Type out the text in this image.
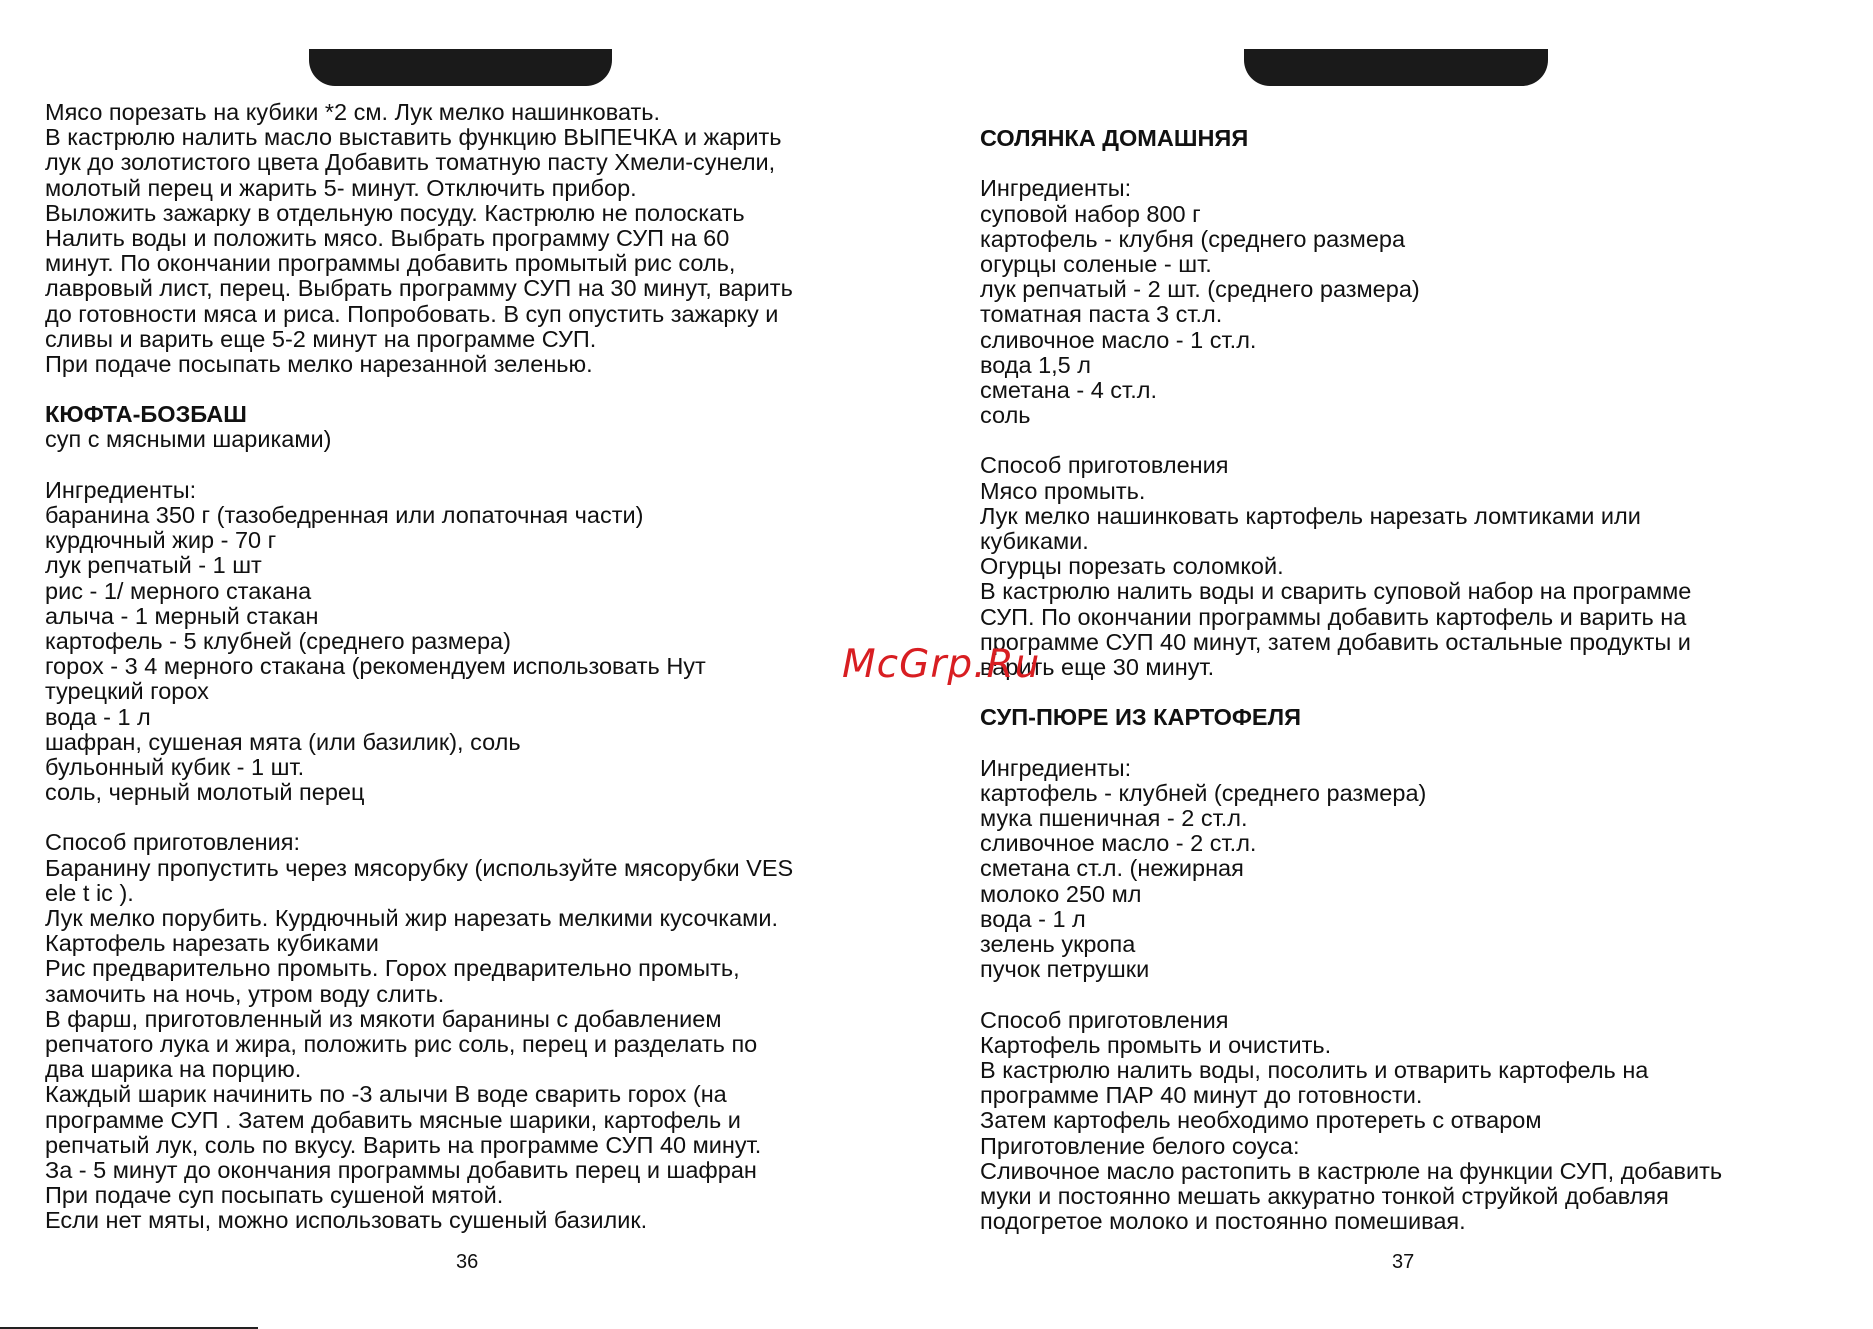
Мясо порезать на кубики *2 см. Лук мелко нашинковать.
В кастрюлю налить масло выставить функцию ВЫПЕЧКА и жарить
лук до золотистого цвета Добавить томатную пасту Хмели-сунели,
молотый перец и жарить 5- минут. Отключить прибор.
Выложить зажарку в отдельную посуду. Кастрюлю не полоскать
Налить воды и положить мясо. Выбрать программу СУП на 60
минут. По окончании программы добавить промытый рис соль,
лавровый лист, перец. Выбрать программу СУП на 30 минут, варить
до готовности мяса и риса. Попробовать. В суп опустить зажарку и
сливы и варить еще 5-2 минут на программе СУП.
При подаче посыпать мелко нарезанной зеленью.
КЮФТА-БОЗБАШ
суп с мясными шариками)
Ингредиенты:
баранина 350 г (тазобедренная или лопаточная части)
курдючный жир - 70 г
лук репчатый - 1 шт
рис - 1/ мерного стакана
алыча - 1 мерный стакан
картофель - 5 клубней (среднего размера)
горох - 3 4 мерного стакана (рекомендуем использовать Нут
турецкий горох
вода - 1 л
шафран, сушеная мята (или базилик), соль
бульонный кубик - 1 шт.
соль, черный молотый перец
Способ приготовления:
Баранину пропустить через мясорубку (используйте мясорубки VES
ele t ic ).
Лук мелко порубить. Курдючный жир нарезать мелкими кусочками.
Картофель нарезать кубиками
Рис предварительно промыть. Горох предварительно промыть,
замочить на ночь, утром воду слить.
В фарш, приготовленный из мякоти баранины с добавлением
репчатого лука и жира, положить рис соль, перец и разделать по
два шарика на порцию.
Каждый шарик начинить по -3 алычи В воде сварить горох (на
программе СУП . Затем добавить мясные шарики, картофель и
репчатый лук, соль по вкусу. Варить на программе СУП 40 минут.
За - 5 минут до окончания программы добавить перец и шафран
При подаче суп посыпать сушеной мятой.
Если нет мяты, можно использовать сушеный базилик.
СОЛЯНКА ДОМАШНЯЯ
Ингредиенты:
суповой набор 800 г
картофель - клубня (среднего размера
огурцы соленые - шт.
лук репчатый - 2 шт. (среднего размера)
томатная паста 3 ст.л.
сливочное масло - 1 ст.л.
вода 1,5 л
сметана - 4 ст.л.
соль
Способ приготовления
Мясо промыть.
Лук мелко нашинковать картофель нарезать ломтиками или
кубиками.
Огурцы порезать соломкой.
В кастрюлю налить воды и сварить суповой набор на программе
СУП. По окончании программы добавить картофель и варить на
программе СУП 40 минут, затем добавить остальные продукты и
варить еще 30 минут.
СУП-ПЮРЕ ИЗ КАРТОФЕЛЯ
Ингредиенты:
картофель - клубней (среднего размера)
мука пшеничная - 2 ст.л.
сливочное масло - 2 ст.л.
сметана ст.л. (нежирная
молоко 250 мл
вода - 1 л
зелень укропа
пучок петрушки
Способ приготовления
Картофель промыть и очистить.
В кастрюлю налить воды, посолить и отварить картофель на
программе ПАР 40 минут до готовности.
Затем картофель необходимо протереть с отваром
Приготовление белого соуса:
Сливочное масло растопить в кастрюле на функции СУП, добавить
муки и постоянно мешать аккуратно тонкой струйкой добавляя
подогретое молоко и постоянно помешивая.
36	37
McGrp.Ru
